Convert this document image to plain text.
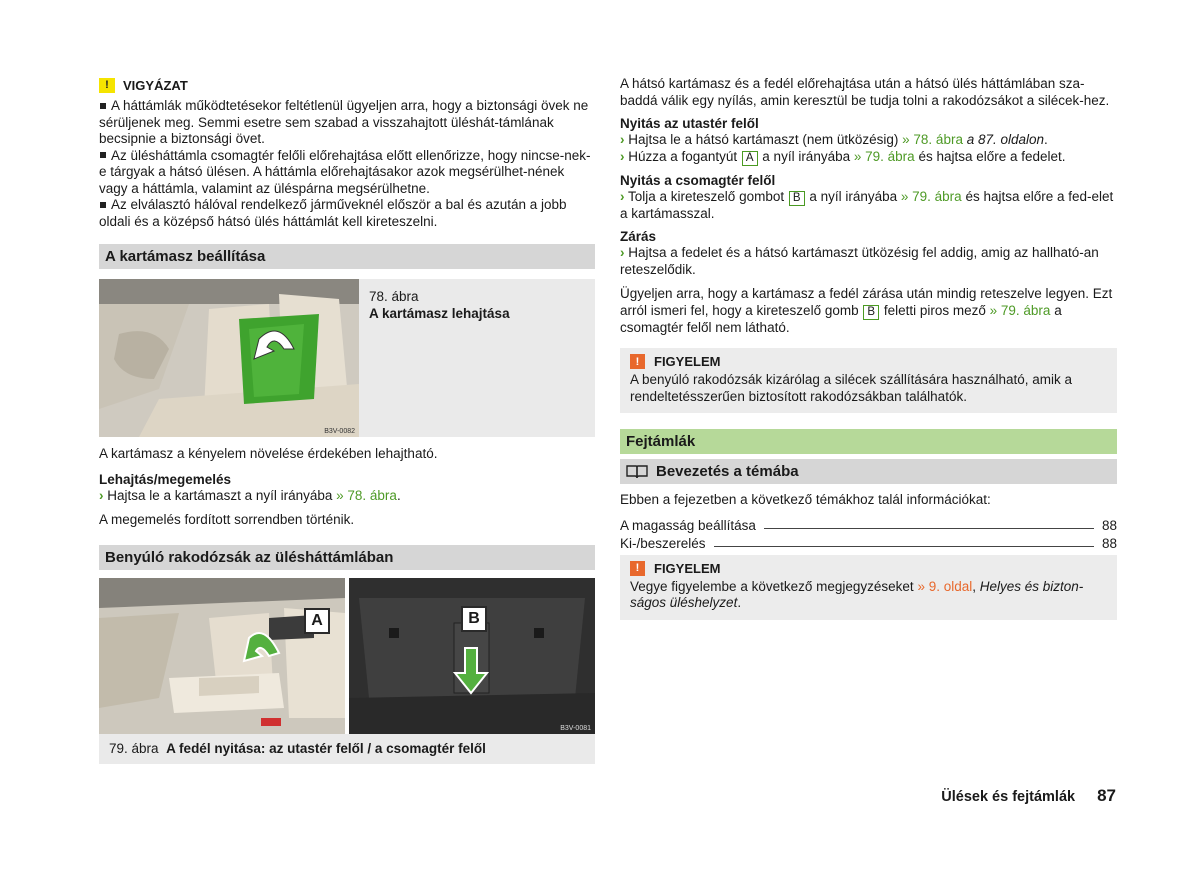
!	VIGYÁZAT

A háttámlák működtetésekor feltétlenül ügyeljen arra, hogy a biztonsági övek ne sérüljenek meg. Semmi esetre sem szabad a visszahajtott üléshát-támlának becsipnie a biztonsági övet.

Az ülésháttámla csomagtér felőli előrehajtása előtt ellenőrizze, hogy nincse-nek-e tárgyak a hátsó ülésen. A háttámla előrehajtásakor azok megsérülhet-nének vagy a háttámla, valamint az üléspárna megsérülhetne.

Az elválasztó hálóval rendelkező járműveknél először a bal és azután a jobb oldali és a középső hátsó ülés háttámlát kell kireteszelni.

A kartámasz beállítása
B3V-0082
78. ábra
A kartámasz lehajtása

A kartámasz a kényelem növelése érdekében lehajtható.

Lehajtás/megemelés

› Hajtsa le a kartámaszt a nyíl irányába » 78. ábra.

A megemelés fordított sorrendben történik.

Benyúló rakodózsák az ülésháttámlában
A	B
B3V-0081
79. ábra
A fedél nyitása: az utastér felől / a csomagtér felől

A hátsó kartámasz és a fedél előrehajtása után a hátsó ülés háttámlában sza-baddá válik egy nyílás, amin keresztül be tudja tolni a rakodózsákot a silécek-hez.

Nyitás az utastér felől

› Hajtsa le a hátsó kartámaszt (nem ütközésig) » 78. ábra a 87. oldalon.

› Húzza a fogantyút A a nyíl irányába » 79. ábra és hajtsa előre a fedelet.

Nyitás a csomagtér felől

› Tolja a kireteszelő gombot B a nyíl irányába » 79. ábra és hajtsa előre a fed-elet a kartámasszal.

Zárás

› Hajtsa a fedelet és a hátsó kartámaszt ütközésig fel addig, amig az hallható-an reteszelődik.

Ügyeljen arra, hogy a kartámasz a fedél zárása után mindig reteszelve legyen. Ezt arról ismeri fel, hogy a kireteszelő gomb B feletti piros mező » 79. ábra a csomagtér felől nem látható.

!	FIGYELEM

A benyúló rakodózsák kizárólag a silécek szállítására használható, amik a rendeltetésszerűen biztosított rakodózsákban találhatók.

Fejtámlák
Bevezetés a témába

Ebben a fejezetben a következő témákhoz talál információkat:

A magasság beállítása	88
Ki-/beszerelés	88
!	FIGYELEM

Vegye figyelembe a következő megjegyzéseket » 9. oldal, Helyes és bizton-ságos üléshelyzet.

Ülések és fejtámlák 87
